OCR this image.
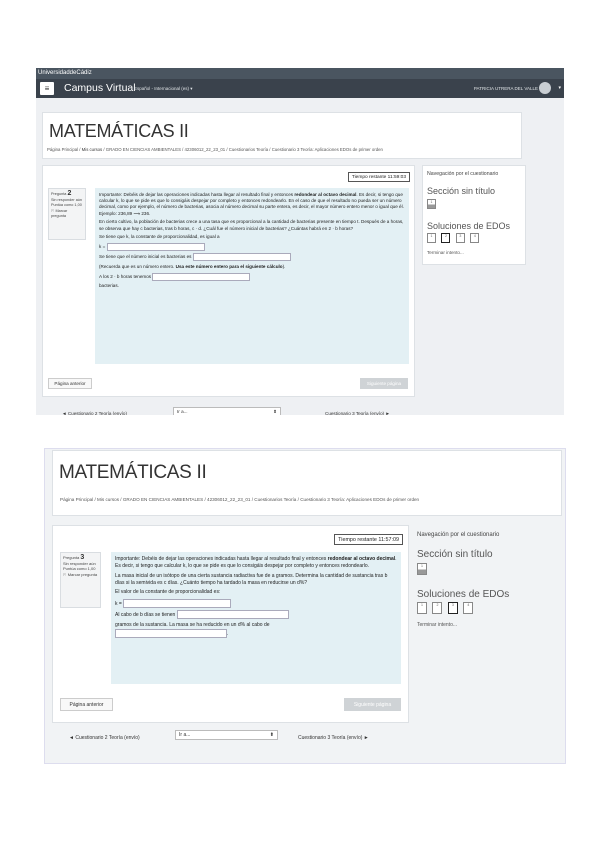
UniversidaddeCádiz
≡	Campus Virtual
Español - Internacional (es) ▾	PATRICIA UTRERA DEL VALLE	▾
MATEMÁTICAS II
Página Principal / Mis cursos / GRADO EN CIENCIAS AMBIENTALES / 42306012_22_23_01 / Cuestionarios Teoría / Cuestionario 3 Teoría: Aplicaciones EDOs de primer orden
Tiempo restante 11:59:03
Pregunta 2
Sin responder aún
Puntúa como 1,00
⚐ Marcar pregunta

Importante: Debéis de dejar las operaciones indicadas hasta llegar al resultado final y entonces redondear al octavo decimal. Es decir, si tengo que calcular k, lo que se pide es que lo consigáis despejar por completo y entonces redondearlo. En el caso de que el resultado no pueda ser un número decimal, como por ejemplo, el número de bacterias, asocia al número decimal su parte entera, es decir, el mayor número entero menor o igual que él. Ejemplo: 236,89 ⟶ 236.

En cierto cultivo, la población de bacterias crece a una tasa que es proporcional a la cantidad de bacterias presente en tiempo t. Después de a horas, se observa que hay c bacterias, tras b horas, c · d. ¿Cuál fue el número inicial de bacterias? ¿Cuántas habrá en 2 · b horas?

Se tiene que k, la constante de proporcionalidad, es igual a

k =

Se tiene que el número inicial es bacterias es

(Recuerda que es un número entero. Usa este número entero para el siguiente cálculo).

A los 2 · b horas tenemos

bacterias.

Página anterior	Siguiente página
◄ Cuestionario 2 Teoría (envío)	Ir a...	⬍	Cuestionario 3 Teoría (envío) ►
Navegación por el cuestionario
Sección sin título
1
Soluciones de EDOs
1	2	3	4
Terminar intento...
MATEMÁTICAS II
Página Principal / Mis cursos / GRADO EN CIENCIAS AMBIENTALES / 42306012_22_23_01 / Cuestionarios Teoría / Cuestionario 3 Teoría: Aplicaciones EDOs de primer orden
Tiempo restante 11:57:09
Pregunta 3
Sin responder aún
Puntúa como 1,00
⚐ Marcar pregunta

Importante: Debéis de dejar las operaciones indicadas hasta llegar al resultado final y entonces redondear al octavo decimal. Es decir, si tengo que calcular k, lo que se pide es que lo consigáis despejar por completo y entonces redondearlo.

La masa inicial de un isótopo de una cierta sustancia radiactiva fue de a gramos. Determina la cantidad de sustancia tras b días si la semivida es c días. ¿Cuánto tiempo ha tardado la masa en reducirse un d%?

El valor de la constante de proporcionalidad es:

k =

Al cabo de b días se tienen

gramos de la sustancia. La masa se ha reducido en un d% al cabo de
.

Página anterior	Siguiente página
◄ Cuestionario 2 Teoría (envío)	Ir a...	⬍	Cuestionario 3 Teoría (envío) ►
Navegación por el cuestionario
Sección sin título
1
Soluciones de EDOs
1	2	3	4
Terminar intento...
